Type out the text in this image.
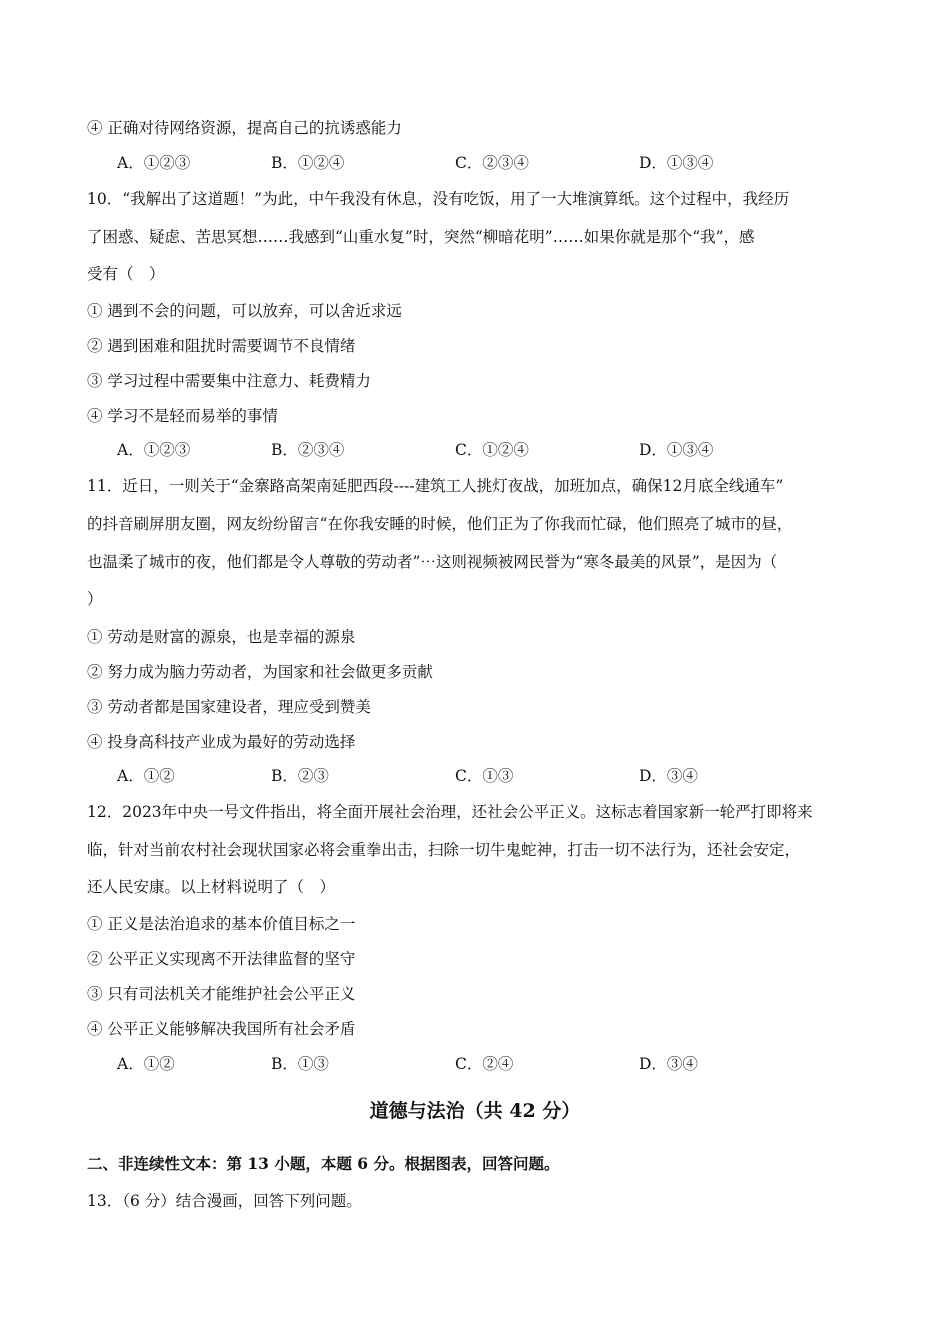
④ 正确对待网络资源，提高自己的抗诱惑能力
A．①②③	B．①②④	C．②③④	D．①③④
10．“我解出了这道题！”为此，中午我没有休息，没有吃饭，用了一大堆演算纸。这个过程中，我经历
了困惑、疑虑、苦思冥想……我感到“山重水复”时，突然“柳暗花明”……如果你就是那个“我”，感
受有（　）
① 遇到不会的问题，可以放弃，可以舍近求远
② 遇到困难和阻扰时需要调节不良情绪
③ 学习过程中需要集中注意力、耗费精力
④ 学习不是轻而易举的事情
A．①②③	B．②③④	C．①②④	D．①③④
11．近日，一则关于“金寨路高架南延肥西段----建筑工人挑灯夜战，加班加点，确保12月底全线通车”
的抖音刷屏朋友圈，网友纷纷留言“在你我安睡的时候，他们正为了你我而忙碌，他们照亮了城市的昼，
也温柔了城市的夜，他们都是令人尊敬的劳动者”⋯这则视频被网民誉为“寒冬最美的风景”，是因为（
）
① 劳动是财富的源泉，也是幸福的源泉
② 努力成为脑力劳动者，为国家和社会做更多贡献
③ 劳动者都是国家建设者，理应受到赞美
④ 投身高科技产业成为最好的劳动选择
A．①②	B．②③	C．①③	D．③④
12．2023年中央一号文件指出，将全面开展社会治理，还社会公平正义。这标志着国家新一轮严打即将来
临，针对当前农村社会现状国家必将会重拳出击，扫除一切牛鬼蛇神，打击一切不法行为，还社会安定，
还人民安康。以上材料说明了（　）
① 正义是法治追求的基本价值目标之一
② 公平正义实现离不开法律监督的坚守
③ 只有司法机关才能维护社会公平正义
④ 公平正义能够解决我国所有社会矛盾
A．①②	B．①③	C．②④	D．③④
道德与法治（共 42 分）
二、非连续性文本：第 13 小题，本题 6 分。根据图表，回答问题。
13．（6 分）结合漫画，回答下列问题。
